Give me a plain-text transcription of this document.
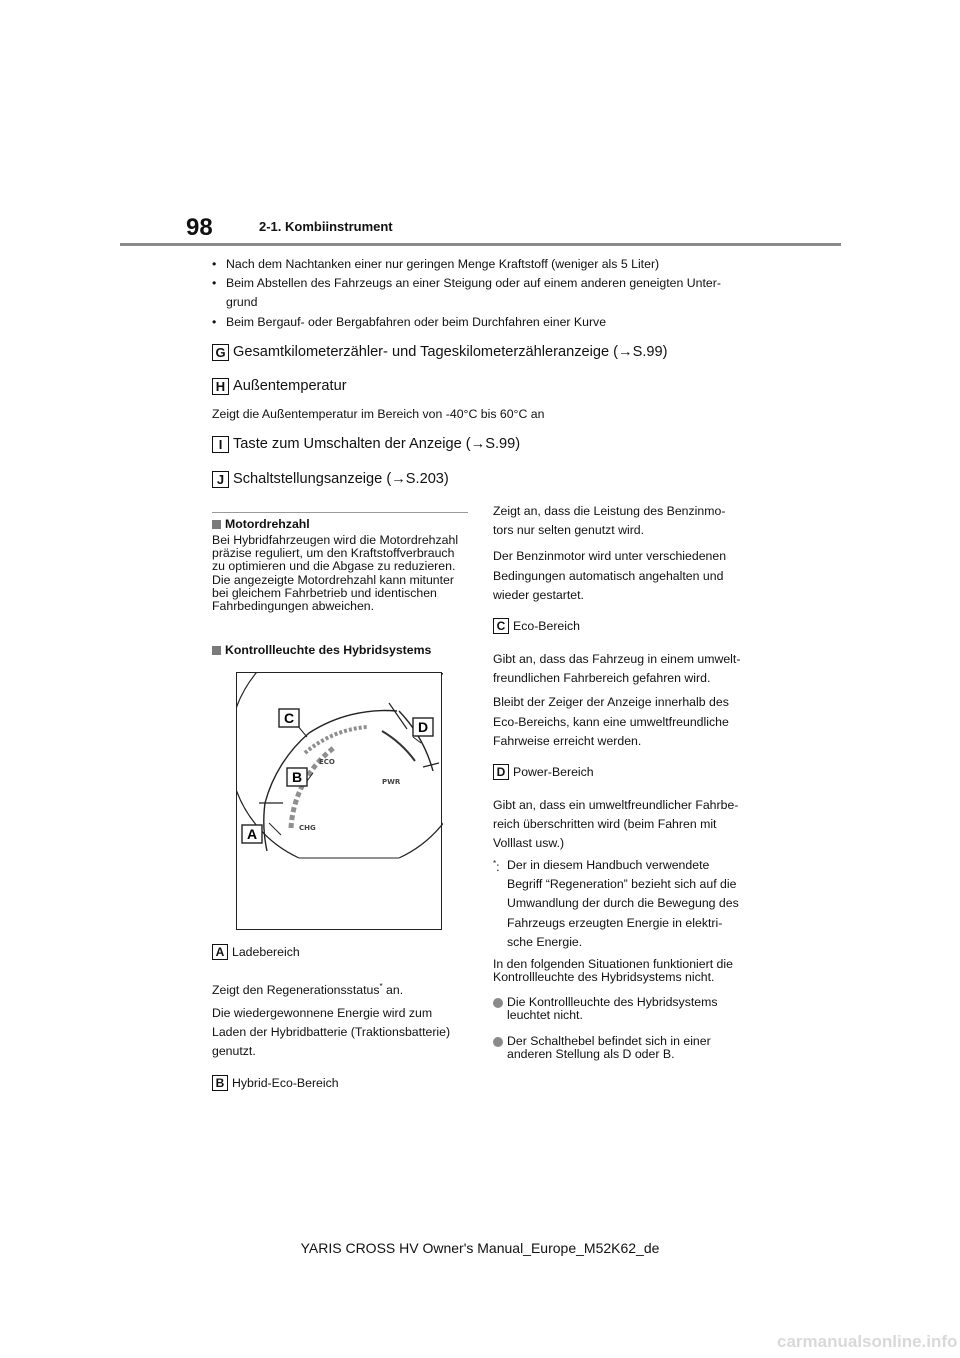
98	2-1. Kombiinstrument
• Nach dem Nachtanken einer nur geringen Menge Kraftstoff (weniger als 5 Liter)
• Beim Abstellen des Fahrzeugs an einer Steigung oder auf einem anderen geneigten Unter-
grund
• Beim Bergauf- oder Bergabfahren oder beim Durchfahren einer Kurve
G Gesamtkilometerzähler- und Tageskilometerzähleranzeige (→S.99)
H Außentemperatur
Zeigt die Außentemperatur im Bereich von -40°C bis 60°C an
I Taste zum Umschalten der Anzeige (→S.99)
J Schaltstellungsanzeige (→S.203)
Motordrehzahl
Bei Hybridfahrzeugen wird die Motordrehzahl präzise reguliert, um den Kraftstoffverbrauch zu optimieren und die Abgase zu reduzieren. Die angezeigte Motordrehzahl kann mitunter bei gleichem Fahrbetrieb und identischen Fahrbedingungen abweichen.
Kontrollleuchte des Hybridsystems
C
D
B
A
ECO
PWR
CHG
A Ladebereich
Zeigt den Regenerationsstatus* an.
Die wiedergewonnene Energie wird zum
Laden der Hybridbatterie (Traktionsbatterie)
genutzt.
B Hybrid-Eco-Bereich
Zeigt an, dass die Leistung des Benzinmo-
tors nur selten genutzt wird.
Der Benzinmotor wird unter verschiedenen
Bedingungen automatisch angehalten und
wieder gestartet.
C Eco-Bereich
Gibt an, dass das Fahrzeug in einem umwelt-
freundlichen Fahrbereich gefahren wird.
Bleibt der Zeiger der Anzeige innerhalb des
Eco-Bereichs, kann eine umweltfreundliche
Fahrweise erreicht werden.
D Power-Bereich
Gibt an, dass ein umweltfreundlicher Fahrbe-
reich überschritten wird (beim Fahren mit
Volllast usw.)
*: Der in diesem Handbuch verwendete
Begriff “Regeneration” bezieht sich auf die
Umwandlung der durch die Bewegung des
Fahrzeugs erzeugten Energie in elektri-
sche Energie.
In den folgenden Situationen funktioniert die Kontrollleuchte des Hybridsystems nicht.
Die Kontrollleuchte des Hybridsystems leuchtet nicht.
Der Schalthebel befindet sich in einer anderen Stellung als D oder B.
YARIS CROSS HV Owner's Manual_Europe_M52K62_de
carmanualsonline.info
